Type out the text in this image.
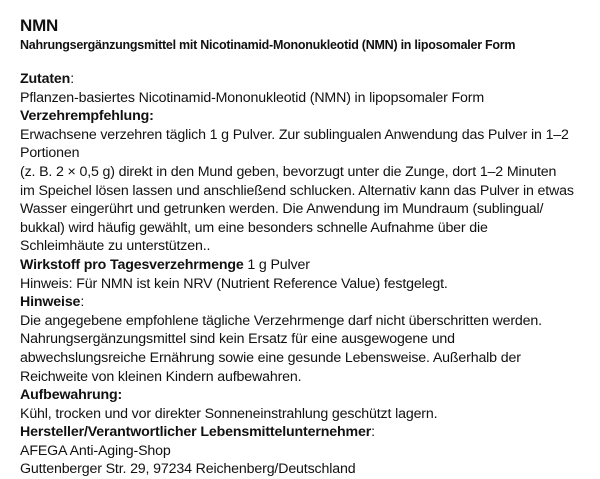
NMN
Nahrungsergänzungsmittel mit Nicotinamid-Mononukleotid (NMN) in liposomaler Form
Zutaten:
Pflanzen-basiertes Nicotinamid-Mononukleotid (NMN) in lipopsomaler Form
Verzehrempfehlung:
Erwachsene verzehren täglich 1 g Pulver. Zur sublingualen Anwendung das Pulver in 1–2
Portionen
(z. B. 2 × 0,5 g) direkt in den Mund geben, bevorzugt unter die Zunge, dort 1–2 Minuten
im Speichel lösen lassen und anschließend schlucken. Alternativ kann das Pulver in etwas
Wasser eingerührt und getrunken werden. Die Anwendung im Mundraum (sublingual/
bukkal) wird häufig gewählt, um eine besonders schnelle Aufnahme über die
Schleimhäute zu unterstützen..
Wirkstoff pro Tagesverzehrmenge 1 g Pulver
Hinweis: Für NMN ist kein NRV (Nutrient Reference Value) festgelegt.
Hinweise:
Die angegebene empfohlene tägliche Verzehrmenge darf nicht überschritten werden.
Nahrungsergänzungsmittel sind kein Ersatz für eine ausgewogene und
abwechslungsreiche Ernährung sowie eine gesunde Lebensweise. Außerhalb der
Reichweite von kleinen Kindern aufbewahren.
Aufbewahrung:
Kühl, trocken und vor direkter Sonneneinstrahlung geschützt lagern.
Hersteller/Verantwortlicher Lebensmittelunternehmer:
AFEGA Anti-Aging-Shop
Guttenberger Str. 29, 97234 Reichenberg/Deutschland
